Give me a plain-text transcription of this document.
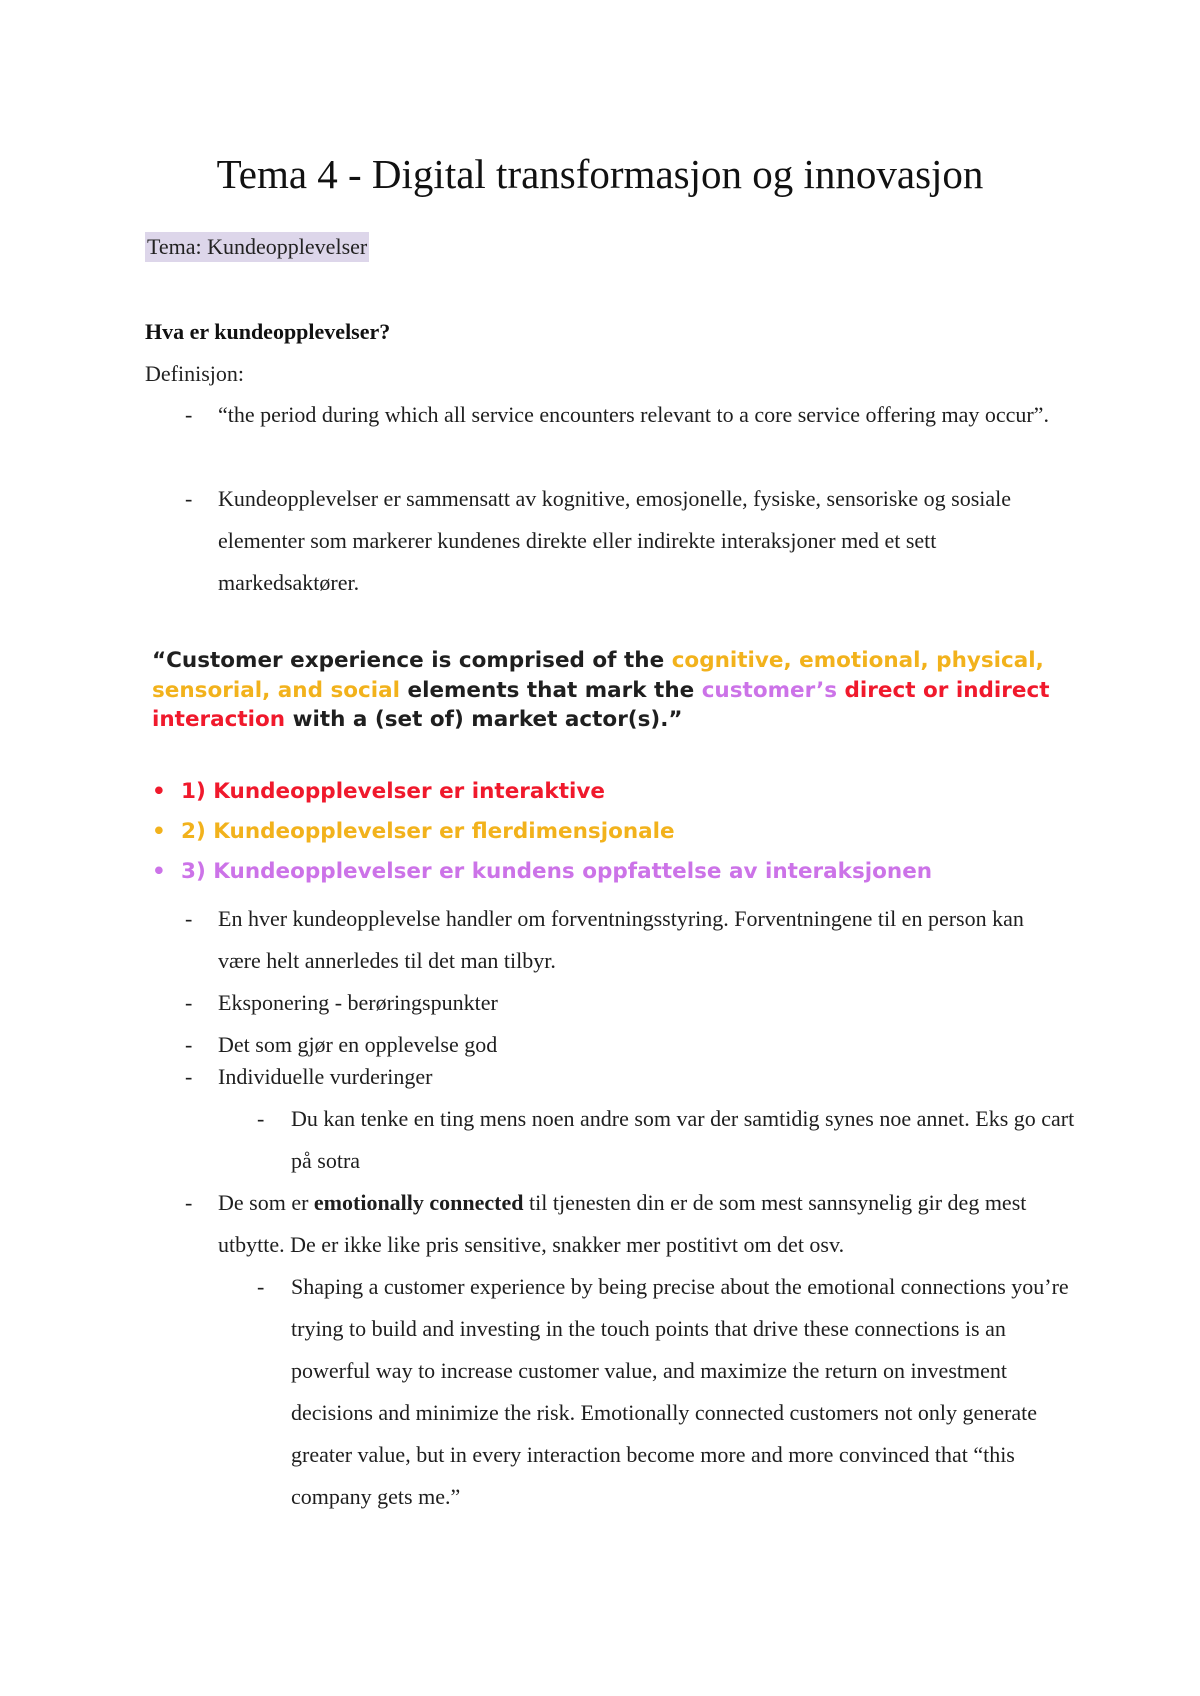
Tema 4 - Digital transformasjon og innovasjon
Tema: Kundeopplevelser
Hva er kundeopplevelser?
Definisjon:
- “the period during which all service encounters relevant to a core service offering may occur”.
- Kundeopplevelser er sammensatt av kognitive, emosjonelle, fysiske, sensoriske og sosiale elementer som markerer kundenes direkte eller indirekte interaksjoner med et sett markedsaktører.
“Customer experience is comprised of the cognitive, emotional, physical, sensorial, and social elements that mark the customer’s direct or indirect interaction with a (set of) market actor(s).”
• 1) Kundeopplevelser er interaktive
• 2) Kundeopplevelser er flerdimensjonale
• 3) Kundeopplevelser er kundens oppfattelse av interaksjonen
- En hver kundeopplevelse handler om forventningsstyring. Forventningene til en person kan være helt annerledes til det man tilbyr.
- Eksponering - berøringspunkter
- Det som gjør en opplevelse god
- Individuelle vurderinger
- Du kan tenke en ting mens noen andre som var der samtidig synes noe annet. Eks go cart på sotra
- De som er emotionally connected til tjenesten din er de som mest sannsynelig gir deg mest utbytte. De er ikke like pris sensitive, snakker mer postitivt om det osv.
- Shaping a customer experience by being precise about the emotional connections you’re trying to build and investing in the touch points that drive these connections is an powerful way to increase customer value, and maximize the return on investment decisions and minimize the risk. Emotionally connected customers not only generate greater value, but in every interaction become more and more convinced that “this company gets me.”
